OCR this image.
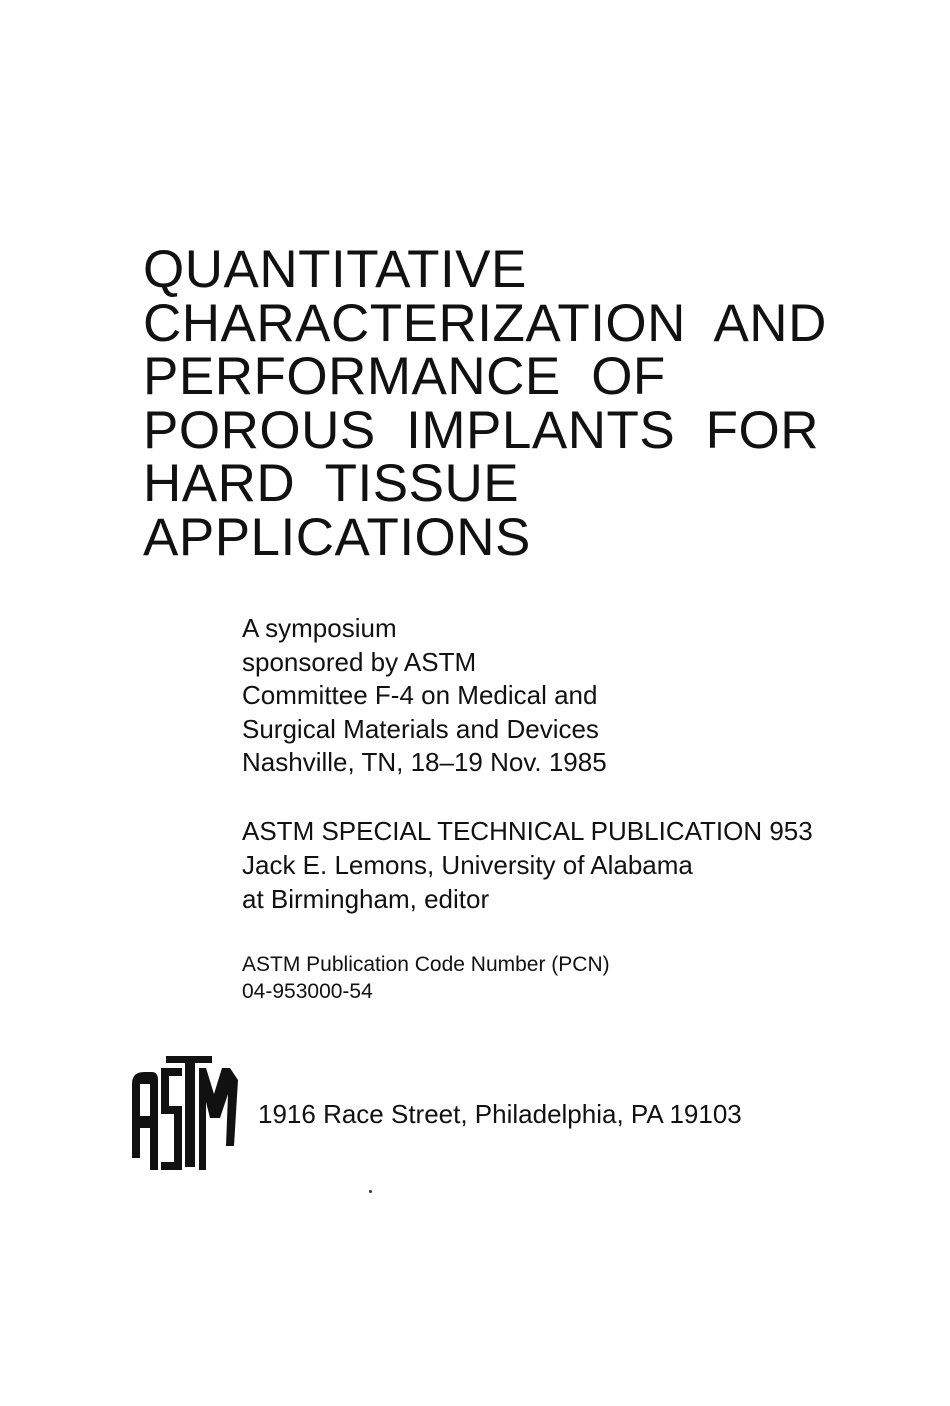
QUANTITATIVE
CHARACTERIZATION  AND
PERFORMANCE  OF
POROUS  IMPLANTS  FOR
HARD  TISSUE
APPLICATIONS
A symposium
sponsored by ASTM
Committee F-4 on Medical and
Surgical Materials and Devices
Nashville, TN, 18–19 Nov. 1985
ASTM SPECIAL TECHNICAL PUBLICATION 953
Jack E. Lemons, University of Alabama
at Birmingham, editor
ASTM Publication Code Number (PCN)
04-953000-54
1916 Race Street, Philadelphia, PA 19103
